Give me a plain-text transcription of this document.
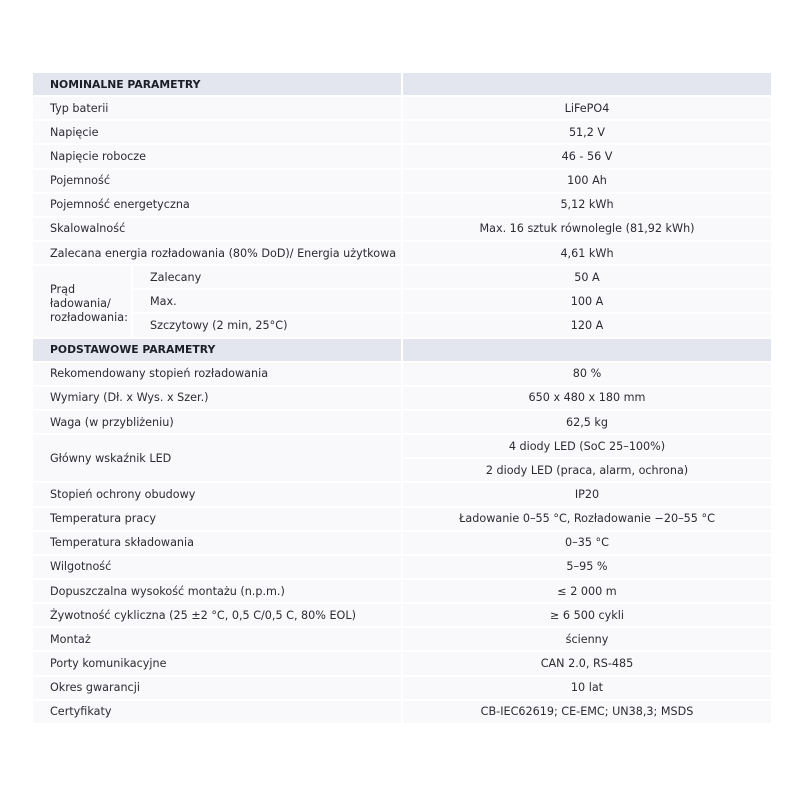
NOMINALNE PARAMETRY		
Typ baterii		LiFePO4
Napięcie		51,2 V
Napięcie robocze		46 - 56 V
Pojemność		100 Ah
Pojemność energetyczna		5,12 kWh
Skalowalność		Max. 16 sztuk równolegle (81,92 kWh)
Zalecana energia rozładowania (80% DoD)/ Energia użytkowa		4,61 kWh
Prąd ładowania/ rozładowania:	Zalecany	50 A
	Max.	100 A
	Szczytowy (2 min, 25°C)	120 A
PODSTAWOWE PARAMETRY		
Rekomendowany stopień rozładowania		80 %
Wymiary (Dł. x Wys. x Szer.)		650 x 480 x 180 mm
Waga (w przybliżeniu)		62,5 kg
Główny wskaźnik LED		4 diody LED (SoC 25–100%)
		2 diody LED (praca, alarm, ochrona)
Stopień ochrony obudowy		IP20
Temperatura pracy		Ładowanie 0–55 °C, Rozładowanie −20–55 °C
Temperatura składowania		0–35 °C
Wilgotność		5–95 %
Dopuszczalna wysokość montażu (n.p.m.)		≤ 2 000 m
Żywotność cykliczna (25 ±2 °C, 0,5 C/0,5 C, 80% EOL)		≥ 6 500 cykli
Montaż		ścienny
Porty komunikacyjne		CAN 2.0, RS-485
Okres gwarancji		10 lat
Certyfikaty		CB-IEC62619; CE-EMC; UN38,3; MSDS
